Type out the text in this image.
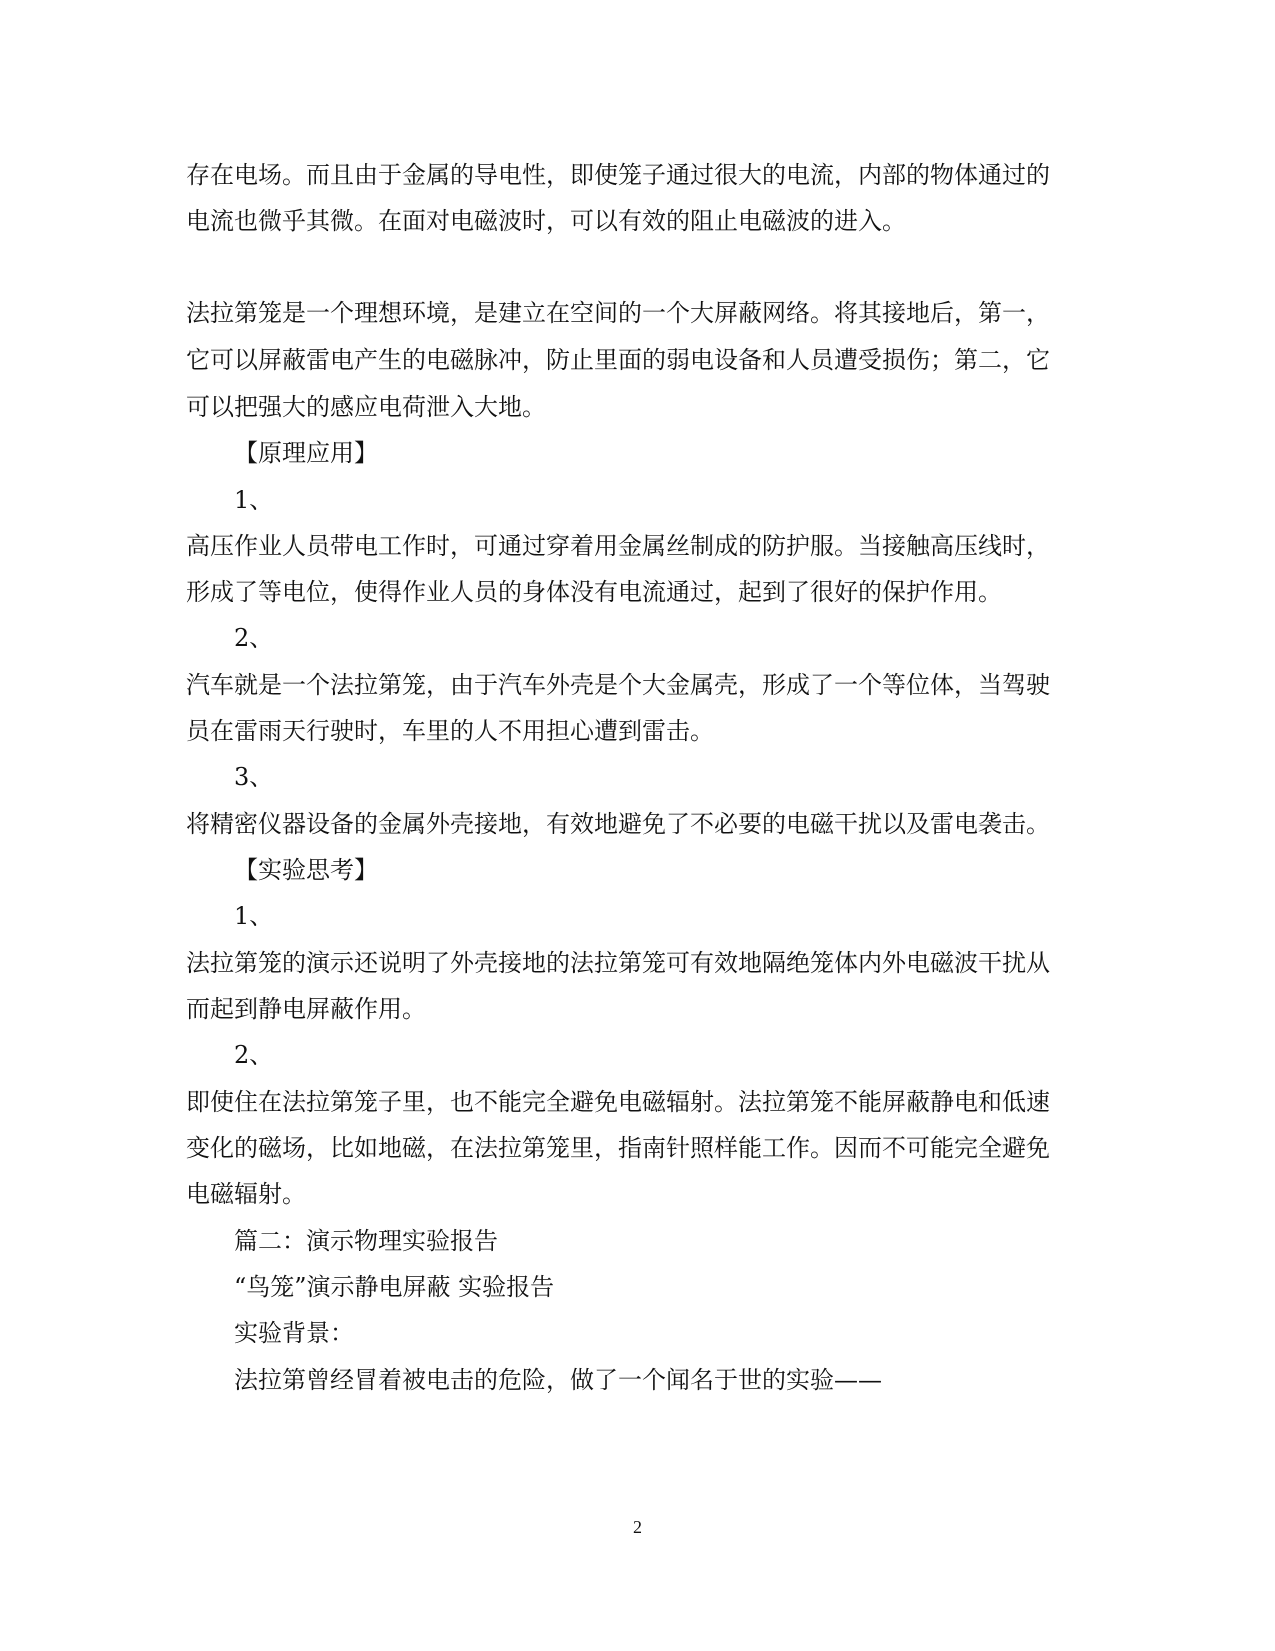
存在电场。而且由于金属的导电性，即使笼子通过很大的电流，内部的物体通过的
电流也微乎其微。在面对电磁波时，可以有效的阻止电磁波的进入。
法拉第笼是一个理想环境，是建立在空间的一个大屏蔽网络。将其接地后，第一，
它可以屏蔽雷电产生的电磁脉冲，防止里面的弱电设备和人员遭受损伤；第二，它
可以把强大的感应电荷泄入大地。
【原理应用】
1、
高压作业人员带电工作时，可通过穿着用金属丝制成的防护服。当接触高压线时，
形成了等电位，使得作业人员的身体没有电流通过，起到了很好的保护作用。
2、
汽车就是一个法拉第笼，由于汽车外壳是个大金属壳，形成了一个等位体，当驾驶
员在雷雨天行驶时，车里的人不用担心遭到雷击。
3、
将精密仪器设备的金属外壳接地，有效地避免了不必要的电磁干扰以及雷电袭击。
【实验思考】
1、
法拉第笼的演示还说明了外壳接地的法拉第笼可有效地隔绝笼体内外电磁波干扰从
而起到静电屏蔽作用。
2、
即使住在法拉第笼子里，也不能完全避免电磁辐射。法拉第笼不能屏蔽静电和低速
变化的磁场，比如地磁，在法拉第笼里，指南针照样能工作。因而不可能完全避免
电磁辐射。
篇二：演示物理实验报告
“鸟笼”演示静电屏蔽 实验报告
实验背景：
法拉第曾经冒着被电击的危险，做了一个闻名于世的实验——
2
